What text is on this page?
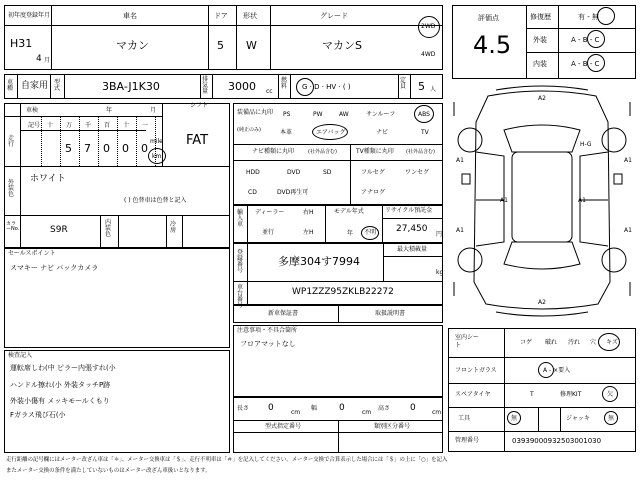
初年度登録年月
H31
4 月
車名
マカン
ドア
5
形状
W
グレード
マカンS
2WD
4WD
車種 自家用 型式	3BA-J1K30
排気量 3000 cc
燃料 G · D · HV · ( )
定員 5 人
評価点
4.5
修復歴	有 - 無
外装	A - B - C
内装	A - B - C
車検	年	月
シフト
FAT
走行
記号 十 万 千 百 十 一
5 7 0 0 0
mile
km
外装色
ホワイト
( ) 色替車は色替と記入
カラーNo.	S9R
内装色
冷房
セールスポイント
スマキー ナビ バックカメラ
検査記入
運転席しわ(中 ピラー内張すれ(小
ハンドル擦れ(小 外装タッチP跡
外装小傷有 メッキモールくもり
Fガラス飛び石(小
装備品に丸印
(純正のみ)
PS	PW	AW	サンルーフ	ABS
本革	エアバッグ	ナビ	TV
ナビ種類に丸印	(社外品含む)
HDD	DVD	SD
CD	DVD再生可
TV種類に丸印 (社外品含む)
フルセグ	ワンセグ
アナログ
輸入車
ディーラー
並行
右H
左H
モデル年式
年 不明
リサイクル預託金
27,450
円
登録番号
多摩304す7994
最大積載量
kg
車台番号
WP1ZZZ95ZKLB22272
新車保証書	取扱説明書
注意事項・不具合箇所
フロアマットなし
長さ 0	cm
幅 0	cm
高さ 0	cm
型式指定番号	類別区分番号
A2
A1	A1
A1	A1
A1	A1
A2
H-G
室内シート	コゲ 破れ 汚れ 穴 キズ
フロントガラス	A - ×要入
スペアタイヤ	T	修理KIT	欠
工具	無	ジャッキ	無
管理番号	03939000932503001030
走行距離の記号欄にはメーター改ざん車は「＊」、メーター交換車は「＄」、走行不明車は「＃」を記入してください。メーター交換で合算表示した場合には「＄」の上に「○」を記入
またメーター交換の条件を満たしていないものはメーター改ざん車扱いとなります。
